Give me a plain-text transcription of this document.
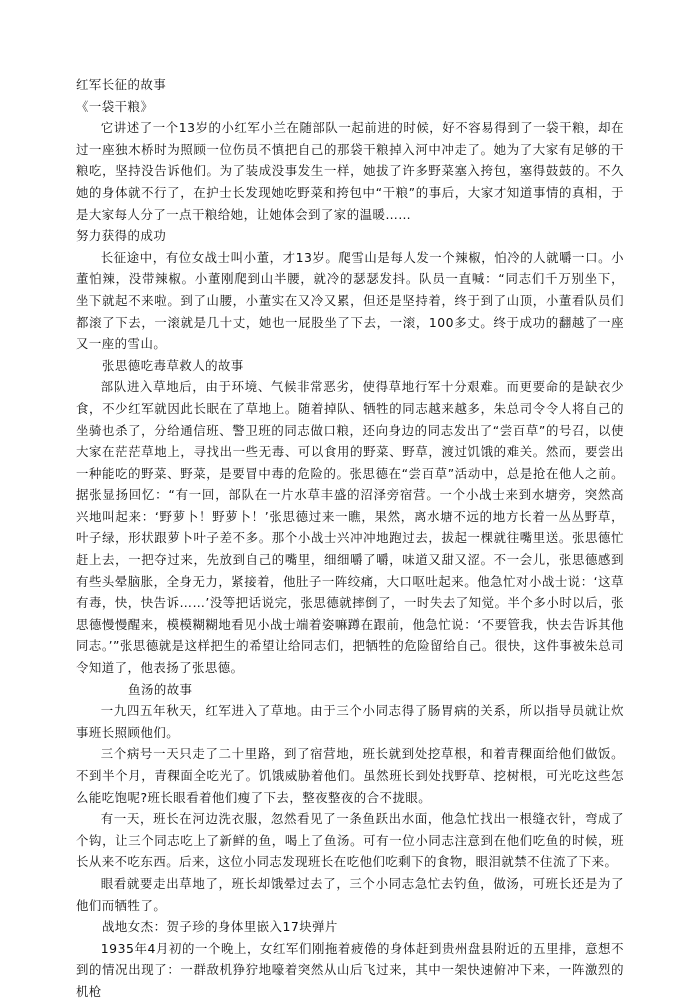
红军长征的故事

《一袋干粮》

它讲述了一个13岁的小红军小兰在随部队一起前进的时候，好不容易得到了一袋干粮，却在过一座独木桥时为照顾一位伤员不慎把自己的那袋干粮掉入河中冲走了。她为了大家有足够的干粮吃，坚持没告诉他们。为了装成没事发生一样，她拔了许多野菜塞入挎包，塞得鼓鼓的。不久她的身体就不行了，在护士长发现她吃野菜和挎包中“干粮”的事后，大家才知道事情的真相，于是大家每人分了一点干粮给她，让她体会到了家的温暖……

努力获得的成功

长征途中，有位女战士叫小董，才13岁。爬雪山是每人发一个辣椒，怕冷的人就嚼一口。小董怕辣，没带辣椒。小董刚爬到山半腰，就冷的瑟瑟发抖。队员一直喊：“同志们千万别坐下，坐下就起不来啦。到了山腰，小董实在又冷又累，但还是坚持着，终于到了山顶，小董看队员们都滚了下去，一滚就是几十丈，她也一屁股坐了下去，一滚，100多丈。终于成功的翻越了一座又一座的雪山。

张思德吃毒草救人的故事

部队进入草地后，由于环境、气候非常恶劣，使得草地行军十分艰难。而更要命的是缺衣少食，不少红军就因此长眠在了草地上。随着掉队、牺牲的同志越来越多，朱总司令令人将自己的坐骑也杀了，分给通信班、警卫班的同志做口粮，还向身边的同志发出了“尝百草”的号召，以使大家在茫茫草地上，寻找出一些无毒、可以食用的野菜、野草，渡过饥饿的难关。然而，要尝出一种能吃的野菜、野菜，是要冒中毒的危险的。张思德在“尝百草”活动中，总是抢在他人之前。据张显扬回忆：“有一回，部队在一片水草丰盛的沼泽旁宿营。一个小战士来到水塘旁，突然高兴地叫起来：‘野萝卜！野萝卜！’张思德过来一瞧，果然，离水塘不远的地方长着一丛丛野草，叶子绿，形状跟萝卜叶子差不多。那个小战士兴冲冲地跑过去，拔起一棵就往嘴里送。张思德忙赶上去，一把夺过来，先放到自己的嘴里，细细嚼了嚼，味道又甜又涩。不一会儿，张思德感到有些头晕脑胀，全身无力，紧接着，他肚子一阵绞痛，大口呕吐起来。他急忙对小战士说：‘这草有毒，快，快告诉……’没等把话说完，张思德就摔倒了，一时失去了知觉。半个多小时以后，张思德慢慢醒来，模模糊糊地看见小战士端着姿嘛蹲在跟前，他急忙说：‘不要管我，快去告诉其他同志。’”张思德就是这样把生的希望让给同志们，把牺牲的危险留给自己。很快，这件事被朱总司令知道了，他表扬了张思德。

鱼汤的故事

一九四五年秋天，红军进入了草地。由于三个小同志得了肠胃病的关系，所以指导员就让炊事班长照顾他们。

三个病号一天只走了二十里路，到了宿营地，班长就到处挖草根，和着青稞面给他们做饭。不到半个月，青稞面全吃光了。饥饿威胁着他们。虽然班长到处找野草、挖树根，可光吃这些怎么能吃饱呢?班长眼看着他们瘦了下去，整夜整夜的合不拢眼。

有一天，班长在河边洗衣服，忽然看见了一条鱼跃出水面，他急忙找出一根缝衣针，弯成了个钩，让三个同志吃上了新鲜的鱼，喝上了鱼汤。可有一位小同志注意到在他们吃鱼的时候，班长从来不吃东西。后来，这位小同志发现班长在吃他们吃剩下的食物，眼泪就禁不住流了下来。

眼看就要走出草地了，班长却饿晕过去了，三个小同志急忙去钓鱼，做汤，可班长还是为了他们而牺牲了。

战地女杰：贺子珍的身体里嵌入17块弹片

1935年4月初的一个晚上，女红军们刚拖着疲倦的身体赶到贵州盘县附近的五里排，意想不到的情况出现了：一群敌机狰狞地嚎着突然从山后飞过来，其中一架快速俯冲下来，一阵激烈的机枪
